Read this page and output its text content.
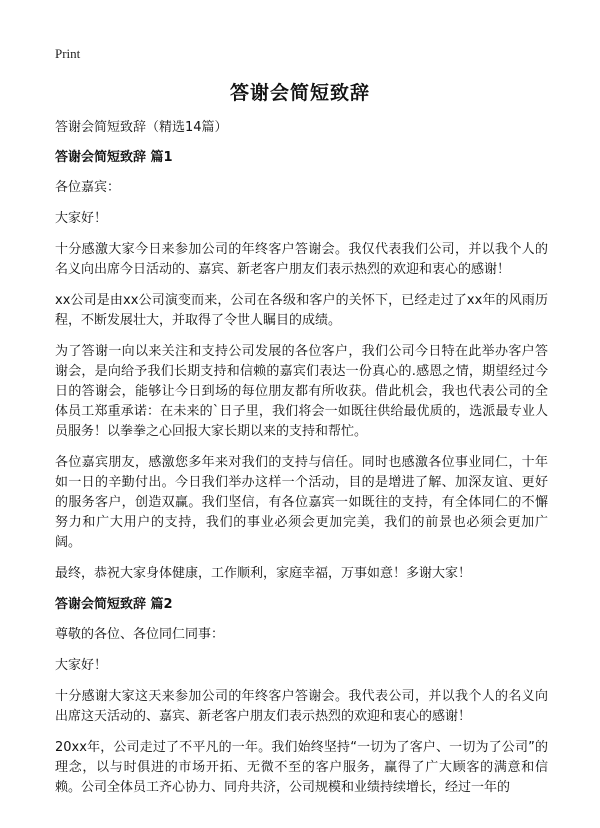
Print
答谢会简短致辞
答谢会简短致辞（精选14篇）
答谢会简短致辞 篇1

各位嘉宾：

大家好！

十分感激大家今日来参加公司的年终客户答谢会。我仅代表我们公司，并以我个人的名义向出席今日活动的、嘉宾、新老客户朋友们表示热烈的欢迎和衷心的感谢！

xx公司是由xx公司演变而来，公司在各级和客户的关怀下，已经走过了xx年的风雨历程，不断发展壮大，并取得了令世人瞩目的成绩。

为了答谢一向以来关注和支持公司发展的各位客户，我们公司今日特在此举办客户答谢会，是向给予我们长期支持和信赖的嘉宾们表达一份真心的.感恩之情，期望经过今日的答谢会，能够让今日到场的每位朋友都有所收获。借此机会，我也代表公司的全体员工郑重承诺：在未来的`日子里，我们将会一如既往供给最优质的，选派最专业人员服务！以拳拳之心回报大家长期以来的支持和帮忙。

各位嘉宾朋友，感激您多年来对我们的支持与信任。同时也感激各位事业同仁，十年如一日的辛勤付出。今日我们举办这样一个活动，目的是增进了解、加深友谊、更好的服务客户，创造双赢。我们坚信，有各位嘉宾一如既往的支持，有全体同仁的不懈努力和广大用户的支持，我们的事业必须会更加完美，我们的前景也必须会更加广阔。

最终，恭祝大家身体健康，工作顺利，家庭幸福，万事如意！多谢大家！

答谢会简短致辞 篇2

尊敬的各位、各位同仁同事：

大家好！

十分感谢大家这天来参加公司的年终客户答谢会。我代表公司，并以我个人的名义向出席这天活动的、嘉宾、新老客户朋友们表示热烈的欢迎和衷心的感谢！

20xx年，公司走过了不平凡的一年。我们始终坚持“一切为了客户、一切为了公司”的理念，以与时俱进的市场开拓、无微不至的客户服务，赢得了广大顾客的满意和信赖。公司全体员工齐心协力、同舟共济，公司规模和业绩持续增长，经过一年的
